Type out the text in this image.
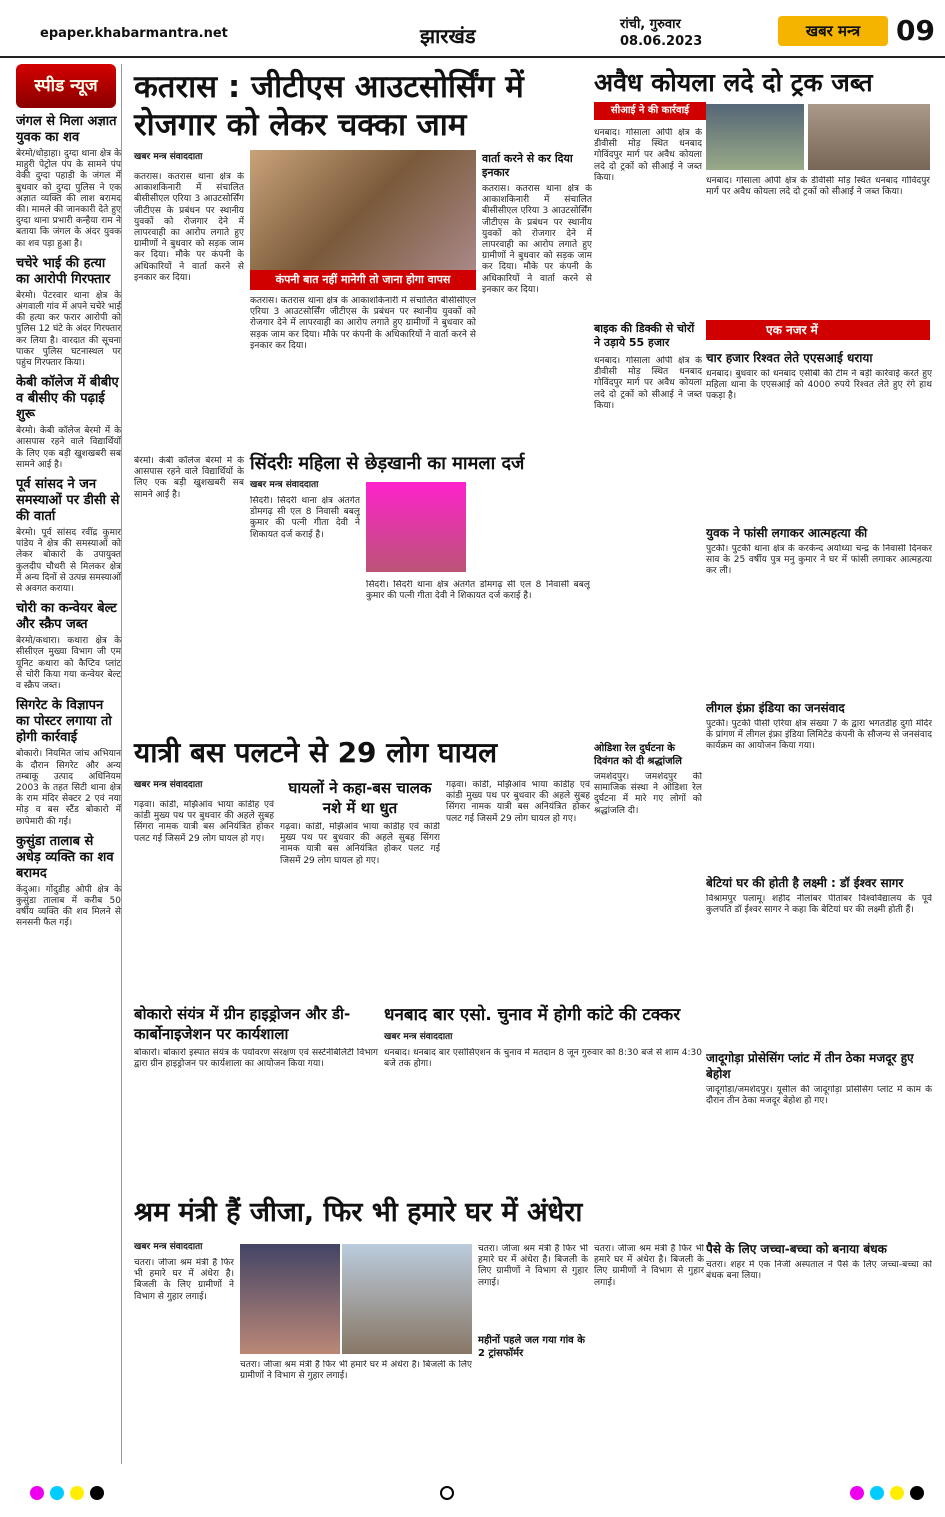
epaper.khabarmantra.net	झारखंड	रांची, गुरुवार
08.06.2023
खबर मन्त्र	09
स्पीड न्यूज
जंगल से मिला अज्ञात युवक का शव
बेरमो/धोड़ाहा। दुग्दा थाना क्षेत्र के माहुरी पेट्रोल पंप के सामने पंप वेकी दुग्दा पहाड़ी के जंगल में बुधवार को दुग्दा पुलिस ने एक अज्ञात व्यक्ति की लाश बरामद की। मामले की जानकारी देते हुए दुग्दा थाना प्रभारी कन्हैया राम ने बताया कि जंगल के अंदर युवक का शव पड़ा हुआ है।
चचेरे भाई की हत्या का आरोपी गिरफ्तार
बेरमो। पेटरवार थाना क्षेत्र के अंगवाली गांव में अपने चचेरे भाई की हत्या कर फरार आरोपी को पुलिस 12 घंटे के अंदर गिरफ्तार कर लिया है। वारदात की सूचना पाकर पुलिस घटनास्थल पर पहुंच गिरफ्तार किया।
केबी कॉलेज में बीबीए व बीसीए की पढ़ाई शुरू
बेरमो। केबी कॉलेज बेरमो में के आसपास रहने वाले विद्यार्थियों के लिए एक बड़ी खुशखबरी सब सामने आई है।
पूर्व सांसद ने जन समस्याओं पर डीसी से की वार्ता
बेरमो। पूर्व सांसद रवींद्र कुमार पांडेय ने क्षेत्र की समस्याओं को लेकर बोकारो के उपायुक्त कुलदीप चौधरी से मिलकर क्षेत्र में अन्य दिनों से उत्पन्न समस्याओं से अवगत कराया।
चोरी का कन्वेयर बेल्ट और स्क्रैप जब्त
बेरमो/कथारा। कथारा क्षेत्र के सीसीएल मुख्या विभाग जी एम यूनिट कथारा को कैप्टिव प्लांट से चोरी किया गया कन्वेयर बेल्ट व स्क्रैप जब्त।
सिगरेट के विज्ञापन का पोस्टर लगाया तो होगी कार्रवाई
बोकारो। नियमित जांच अभियान के दौरान सिगरेट और अन्य तम्बाकू उत्पाद अधिनियम 2003 के तहत सिटी थाना क्षेत्र के राम मंदिर सेक्टर 2 एवं नया मोड़ व बस स्टैंड बोकारो में छापेमारी की गई।
कुसुंडा तालाब से अधेड़ व्यक्ति का शव बरामद
केंदुआ। गोंदुडीह ओपी क्षेत्र के कुसुंडा तालाब में करीब 50 वर्षीय व्यक्ति की शव मिलने से सनसनी फैल गई।
कतरास : जीटीएस आउटसोर्सिंग में रोजगार को लेकर चक्का जाम
खबर मन्त्र संवाददाता
कतरास। कतरास थाना क्षेत्र के आकाशकिनारी में संचालित बीसीसीएल एरिया 3 आउटसोर्सिंग जीटीएस के प्रबंधन पर स्थानीय युवकों को रोजगार देने में लापरवाही का आरोप लगाते हुए ग्रामीणों ने बुधवार को सड़क जाम कर दिया। मौके पर कंपनी के अधिकारियों ने वार्ता करने से इनकार कर दिया।	कंपनी बात नहीं मानेगी तो जाना होगा वापस
कतरास। कतरास थाना क्षेत्र के आकाशकिनारी में संचालित बीसीसीएल एरिया 3 आउटसोर्सिंग जीटीएस के प्रबंधन पर स्थानीय युवकों को रोजगार देने में लापरवाही का आरोप लगाते हुए ग्रामीणों ने बुधवार को सड़क जाम कर दिया। मौके पर कंपनी के अधिकारियों ने वार्ता करने से इनकार कर दिया।
वार्ता करने से कर दिया इनकार
कतरास। कतरास थाना क्षेत्र के आकाशकिनारी में संचालित बीसीसीएल एरिया 3 आउटसोर्सिंग जीटीएस के प्रबंधन पर स्थानीय युवकों को रोजगार देने में लापरवाही का आरोप लगाते हुए ग्रामीणों ने बुधवार को सड़क जाम कर दिया। मौके पर कंपनी के अधिकारियों ने वार्ता करने से इनकार कर दिया।
अवैध कोयला लदे दो ट्रक जब्त
सीआई ने की कार्रवाई
धनबाद। गोसाला ओपी क्षेत्र के डीवीसी मोड़ स्थित धनबाद गोविंदपुर मार्ग पर अवैध कोयला लदे दो ट्रकों को सीआई ने जब्त किया।	धनबाद। गोसाला ओपी क्षेत्र के डीवीसी मोड़ स्थित धनबाद गोविंदपुर मार्ग पर अवैध कोयला लदे दो ट्रकों को सीआई ने जब्त किया।
बाइक की डिक्की से चोरों ने उड़ाये 55 हजार
धनबाद। गोसाला ओपी क्षेत्र के डीवीसी मोड़ स्थित धनबाद गोविंदपुर मार्ग पर अवैध कोयला लदे दो ट्रकों को सीआई ने जब्त किया।
एक नजर में
चार हजार रिश्वत लेते एएसआई धराया
धनबाद। बुधवार को धनबाद एसीबी की टीम ने बड़ी कार्रवाई करते हुए महिला थाना के एएसआई को 4000 रुपये रिश्वत लेते हुए रंगे हाथ पकड़ा है।
युवक ने फांसी लगाकर आत्महत्या की
पुटकी। पुटकी थाना क्षेत्र के करकेन्द अयोध्या चन्द्र के निवासी दिनकर साव के 25 वर्षीय पुत्र मनु कुमार ने घर में फांसी लगाकर आत्महत्या कर ली।
लीगल इंफ्रा इंडिया का जनसंवाद
पुटकी। पुटकी पीसी एरिया क्षेत्र संख्या 7 के द्वारा भगतडीह दुर्गा मंदिर के प्रांगण में लीगल इंफ्रा इंडिया लिमिटेड कंपनी के सौजन्य से जनसंवाद कार्यक्रम का आयोजन किया गया।
बेटियां घर की होती है लक्ष्मी : डॉ ईश्वर सागर
विश्रामपुर पलामू। शहीद नीलांबर पीतांबर विश्वविद्यालय के पूर्व कुलपति डॉ ईश्वर सागर ने कहा कि बेटियां घर की लक्ष्मी होती हैं।
जादूगोड़ा प्रोसेसिंग प्लांट में तीन ठेका मजदूर हुए बेहोश
जादूगोड़ा/जमशेदपुर। यूसील की जादूगोड़ा प्रोसेसिंग प्लांट में काम के दौरान तीन ठेका मजदूर बेहोश हो गए।
पैसे के लिए जच्चा-बच्चा को बनाया बंधक
चतरा। शहर में एक निजी अस्पताल ने पैसे के लिए जच्चा-बच्चा को बंधक बना लिया।
सिंदरीः महिला से छेड़खानी का मामला दर्ज
खबर मन्त्र संवाददाता
सिंदरी। सिंदरी थाना क्षेत्र अंतर्गत डोमगढ़ सी एल 8 निवासी बबलू कुमार की पत्नी गीता देवी ने शिकायत दर्ज कराई है।
सिंदरी। सिंदरी थाना क्षेत्र अंतर्गत डोमगढ़ सी एल 8 निवासी बबलू कुमार की पत्नी गीता देवी ने शिकायत दर्ज कराई है।
बेरमो। केबी कॉलेज बेरमो में के आसपास रहने वाले विद्यार्थियों के लिए एक बड़ी खुशखबरी सब सामने आई है।
यात्री बस पलटने से 29 लोग घायल
घायलों ने कहा-बस चालक नशे में था धुत
खबर मन्त्र संवाददाता
गढ़वा। कांडी, मझिआंव भाया कांडीह एवं कांडी मुख्य पथ पर बुधवार की अहले सुबह सिंगरा नामक यात्री बस अनियंत्रित होकर पलट गई जिसमें 29 लोग घायल हो गए।
गढ़वा। कांडी, मझिआंव भाया कांडीह एवं कांडी मुख्य पथ पर बुधवार की अहले सुबह सिंगरा नामक यात्री बस अनियंत्रित होकर पलट गई जिसमें 29 लोग घायल हो गए।
गढ़वा। कांडी, मझिआंव भाया कांडीह एवं कांडी मुख्य पथ पर बुधवार की अहले सुबह सिंगरा नामक यात्री बस अनियंत्रित होकर पलट गई जिसमें 29 लोग घायल हो गए।
ओडिशा रेल दुर्घटना के दिवंगत को दी श्रद्धांजलि
जमशेदपुर। जमशेदपुर की सामाजिक संस्था ने ओडिशा रेल दुर्घटना में मारे गए लोगों को श्रद्धांजलि दी।
बोकारो संयंत्र में ग्रीन हाइड्रोजन और डी-कार्बोनाइजेशन पर कार्यशाला
बोकारो। बोकारो इस्पात संयंत्र के पर्यावरण संरक्षण एवं सस्टेनेबिलिटी विभाग द्वारा ग्रीन हाइड्रोजन पर कार्यशाला का आयोजन किया गया।
धनबाद बार एसो. चुनाव में होगी कांटे की टक्कर
खबर मन्त्र संवाददाता
धनबाद। धनबाद बार एसोसिएशन के चुनाव में मतदान 8 जून गुरुवार को 8:30 बजे से शाम 4:30 बजे तक होगा।
श्रम मंत्री हैं जीजा, फिर भी हमारे घर में अंधेरा
खबर मन्त्र संवाददाता
चतरा। जीजा श्रम मंत्री हैं फिर भी हमारे घर में अंधेरा है। बिजली के लिए ग्रामीणों ने विभाग से गुहार लगाई।
चतरा। जीजा श्रम मंत्री हैं फिर भी हमारे घर में अंधेरा है। बिजली के लिए ग्रामीणों ने विभाग से गुहार लगाई।
महीनों पहले जल गया गांव के 2 ट्रांसफॉर्मर
चतरा। जीजा श्रम मंत्री हैं फिर भी हमारे घर में अंधेरा है। बिजली के लिए ग्रामीणों ने विभाग से गुहार लगाई।
चतरा। जीजा श्रम मंत्री हैं फिर भी हमारे घर में अंधेरा है। बिजली के लिए ग्रामीणों ने विभाग से गुहार लगाई।
